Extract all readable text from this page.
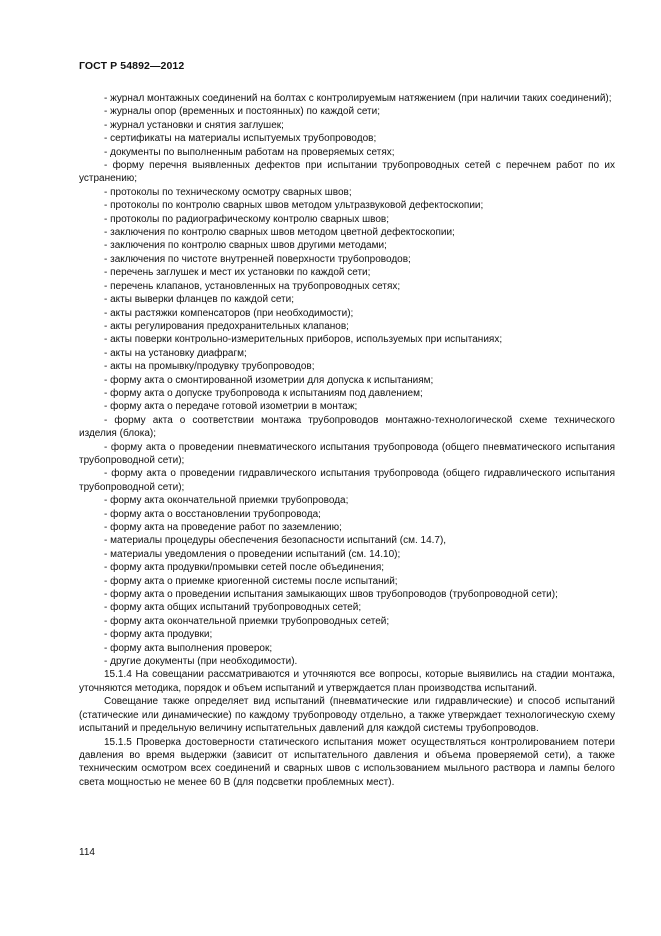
ГОСТ Р 54892—2012

- журнал монтажных соединений на болтах с контролируемым натяжением (при наличии таких соединений);

- журналы опор (временных и постоянных) по каждой сети;

- журнал установки и снятия заглушек;

- сертификаты на материалы испытуемых трубопроводов;

- документы по выполненным работам на проверяемых сетях;

- форму перечня выявленных дефектов при испытании трубопроводных сетей с перечнем работ по их устранению;

- протоколы по техническому осмотру сварных швов;

- протоколы по контролю сварных швов методом ультразвуковой дефектоскопии;

- протоколы по радиографическому контролю сварных швов;

- заключения по контролю сварных швов методом цветной дефектоскопии;

- заключения по контролю сварных швов другими методами;

- заключения по чистоте внутренней поверхности трубопроводов;

- перечень заглушек и мест их установки по каждой сети;

- перечень клапанов, установленных на трубопроводных сетях;

- акты выверки фланцев по каждой сети;

- акты растяжки компенсаторов (при необходимости);

- акты регулирования предохранительных клапанов;

- акты поверки контрольно-измерительных приборов, используемых при испытаниях;

- акты на установку диафрагм;

- акты на промывку/продувку трубопроводов;

- форму акта о смонтированной изометрии для допуска к испытаниям;

- форму акта о допуске трубопровода к испытаниям под давлением;

- форму акта о передаче готовой изометрии в монтаж;

- форму акта о соответствии монтажа трубопроводов монтажно-технологической схеме технического изделия (блока);

- форму акта о проведении пневматического испытания трубопровода (общего пневматического испытания трубопроводной сети);

- форму акта о проведении гидравлического испытания трубопровода (общего гидравлического испытания трубопроводной сети);

- форму акта окончательной приемки трубопровода;

- форму акта о восстановлении трубопровода;

- форму акта на проведение работ по заземлению;

- материалы процедуры обеспечения безопасности испытаний (см. 14.7),

- материалы уведомления о проведении испытаний (см. 14.10);

- форму акта продувки/промывки сетей после объединения;

- форму акта о приемке криогенной системы после испытаний;

- форму акта о проведении испытания замыкающих швов трубопроводов (трубопроводной сети);

- форму акта общих испытаний трубопроводных сетей;

- форму акта окончательной приемки трубопроводных сетей;

- форму акта продувки;

- форму акта выполнения проверок;

- другие документы (при необходимости).

15.1.4 На совещании рассматриваются и уточняются все вопросы, которые выявились на стадии монтажа, уточняются методика, порядок и объем испытаний и утверждается план производства испытаний.

Совещание также определяет вид испытаний (пневматические или гидравлические) и способ испытаний (статические или динамические) по каждому трубопроводу отдельно, а также утверждает технологическую схему испытаний и предельную величину испытательных давлений для каждой системы трубопроводов.

15.1.5 Проверка достоверности статического испытания может осуществляться контролированием потери давления во время выдержки (зависит от испытательного давления и объема проверяемой сети), а также техническим осмотром всех соединений и сварных швов с использованием мыльного раствора и лампы белого света мощностью не менее 60 В (для подсветки проблемных мест).

114
